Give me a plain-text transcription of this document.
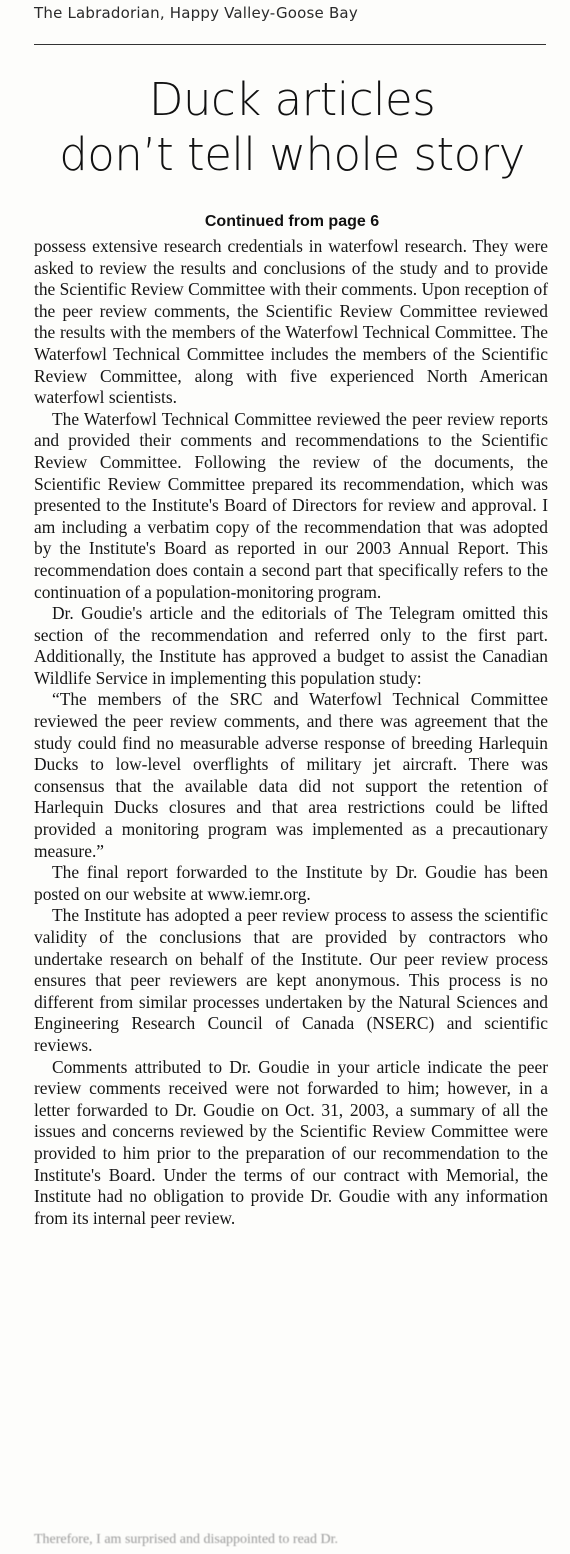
The Labradorian, Happy Valley-Goose Bay
Duck articles
don’t tell whole story
Continued from page 6

possess extensive research credentials in waterfowl research. They were asked to review the results and conclusions of the study and to provide the Scientific Review Committee with their comments. Upon reception of the peer review comments, the Scientific Review Committee reviewed the results with the members of the Waterfowl Technical Committee. The Waterfowl Technical Committee includes the members of the Scientific Review Committee, along with five experienced North American waterfowl scientists.

The Waterfowl Technical Committee reviewed the peer review reports and provided their comments and recommendations to the Scientific Review Committee. Following the review of the documents, the Scientific Review Committee prepared its recommendation, which was presented to the Institute's Board of Directors for review and approval. I am including a verbatim copy of the recommendation that was adopted by the Institute's Board as reported in our 2003 Annual Report. This recommendation does contain a second part that specifically refers to the continuation of a population-monitoring program.

Dr. Goudie's article and the editorials of The Telegram omitted this section of the recommendation and referred only to the first part. Additionally, the Institute has approved a budget to assist the Canadian Wildlife Service in implementing this population study:

“The members of the SRC and Waterfowl Technical Committee reviewed the peer review comments, and there was agreement that the study could find no measurable adverse response of breeding Harlequin Ducks to low-level overflights of military jet aircraft. There was consensus that the available data did not support the retention of Harlequin Ducks closures and that area restrictions could be lifted provided a monitoring program was implemented as a precautionary measure.”

The final report forwarded to the Institute by Dr. Goudie has been posted on our website at www.iemr.org.

The Institute has adopted a peer review process to assess the scientific validity of the conclusions that are provided by contractors who undertake research on behalf of the Institute. Our peer review process ensures that peer reviewers are kept anonymous. This process is no different from similar processes undertaken by the Natural Sciences and Engineering Research Council of Canada (NSERC) and scientific reviews.

Comments attributed to Dr. Goudie in your article indicate the peer review comments received were not forwarded to him; however, in a letter forwarded to Dr. Goudie on Oct. 31, 2003, a summary of all the issues and concerns reviewed by the Scientific Review Committee were provided to him prior to the preparation of our recommendation to the Institute's Board. Under the terms of our contract with Memorial, the Institute had no obligation to provide Dr. Goudie with any information from its internal peer review.

Therefore, I am surprised and disappointed to read Dr.
